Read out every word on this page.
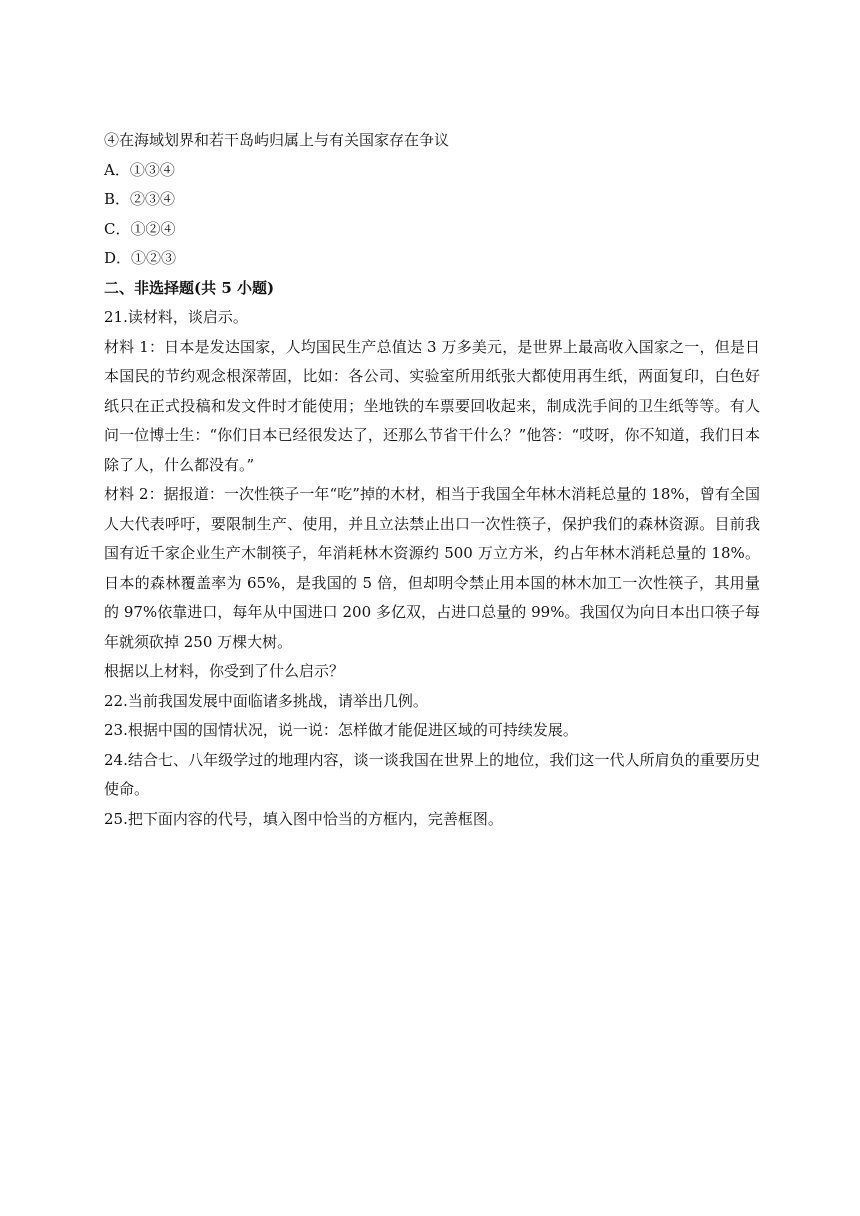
④在海域划界和若干岛屿归属上与有关国家存在争议

A．①③④

B．②③④

C．①②④

D．①②③

二、非选择题(共 5 小题)

21.读材料，谈启示。

材料 1：日本是发达国家，人均国民生产总值达 3 万多美元，是世界上最高收入国家之一，但是日本国民的节约观念根深蒂固，比如：各公司、实验室所用纸张大都使用再生纸，两面复印，白色好纸只在正式投稿和发文件时才能使用；坐地铁的车票要回收起来，制成洗手间的卫生纸等等。有人问一位博士生：“你们日本已经很发达了，还那么节省干什么？”他答：“哎呀，你不知道，我们日本除了人，什么都没有。”

材料 2：据报道：一次性筷子一年“吃”掉的木材，相当于我国全年林木消耗总量的 18%，曾有全国人大代表呼吁，要限制生产、使用，并且立法禁止出口一次性筷子，保护我们的森林资源。目前我国有近千家企业生产木制筷子，年消耗林木资源约 500 万立方米，约占年林木消耗总量的 18%。日本的森林覆盖率为 65%，是我国的 5 倍，但却明令禁止用本国的林木加工一次性筷子，其用量的 97%依靠进口，每年从中国进口 200 多亿双，占进口总量的 99%。我国仅为向日本出口筷子每年就须砍掉 250 万棵大树。

根据以上材料，你受到了什么启示？

22.当前我国发展中面临诸多挑战，请举出几例。

23.根据中国的国情状况，说一说：怎样做才能促进区域的可持续发展。

24.结合七、八年级学过的地理内容，谈一谈我国在世界上的地位，我们这一代人所肩负的重要历史使命。

25.把下面内容的代号，填入图中恰当的方框内，完善框图。
